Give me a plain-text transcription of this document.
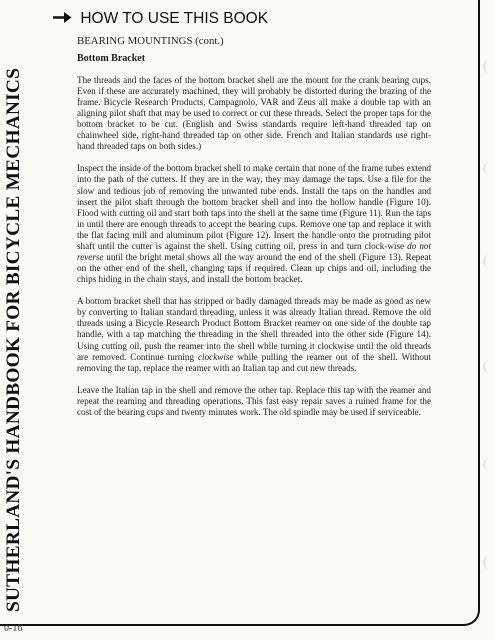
SUTHERLAND'S HANDBOOK FOR BICYCLE MECHANICS
HOW TO USE THIS BOOK
BEARING MOUNTINGS (cont.)

Bottom Bracket

The threads and the faces of the bottom bracket shell are the mount for the crank bearing cups. Even if these are accurately machined, they will probably be distorted during the brazing of the frame. Bicycle Research Products, Campagnolo, VAR and Zeus all make a double tap with an aligning pilot shaft that may be used to correct or cut these threads. Select the proper taps for the bottom bracket to be cut. (English and Swiss standards require left-hand threaded tap on chainwheel side, right-hand threaded tap on other side. French and Italian standards use right-hand threaded taps on both sides.)

Inspect the inside of the bottom bracket shell to make certain that none of the frame tubes extend into the path of the cutters. If they are in the way, they may damage the taps. Use a file for the slow and tedious job of removing the unwanted tube ends. Install the taps on the handles and insert the pilot shaft through the bottom bracket shell and into the hollow handle (Figure 10). Flood with cutting oil and start both taps into the shell at the same time (Figure 11). Run the taps in until there are enough threads to accept the bearing cups. Remove one tap and replace it with the flat facing mill and aluminum pilot (Figure 12). Insert the handle onto the protruding pilot shaft until the cutter is against the shell. Using cutting oil, press in and turn clock-wise do not reverse until the bright metal shows all the way around the end of the shell (Figure 13). Repeat on the other end of the shell, changing taps if required. Clean up chips and oil, including the chips hiding in the chain stays, and install the bottom bracket.

A bottom bracket shell that has stripped or badly damaged threads may be made as good as new by converting to Italian standard threading, unless it was already Italian thread. Remove the old threads using a Bicycle Research Product Bottom Bracket reamer on one side of the double tap handle, with a tap matching the threading in the shell threaded into the other side (Figure 14). Using cutting oil, push the reamer into the shell while turning it clockwise until the old threads are removed. Continue turning clockwise while pulling the reamer out of the shell. Without removing the tap, replace the reamer with an Italian tap and cut new threads.

Leave the Italian tap in the shell and remove the other tap. Replace this tap with the reamer and repeat the reaming and threading operations. This fast easy repair saves a ruined frame for the cost of the bearing cups and twenty minutes work. The old spindle may be used if serviceable.

0-16
